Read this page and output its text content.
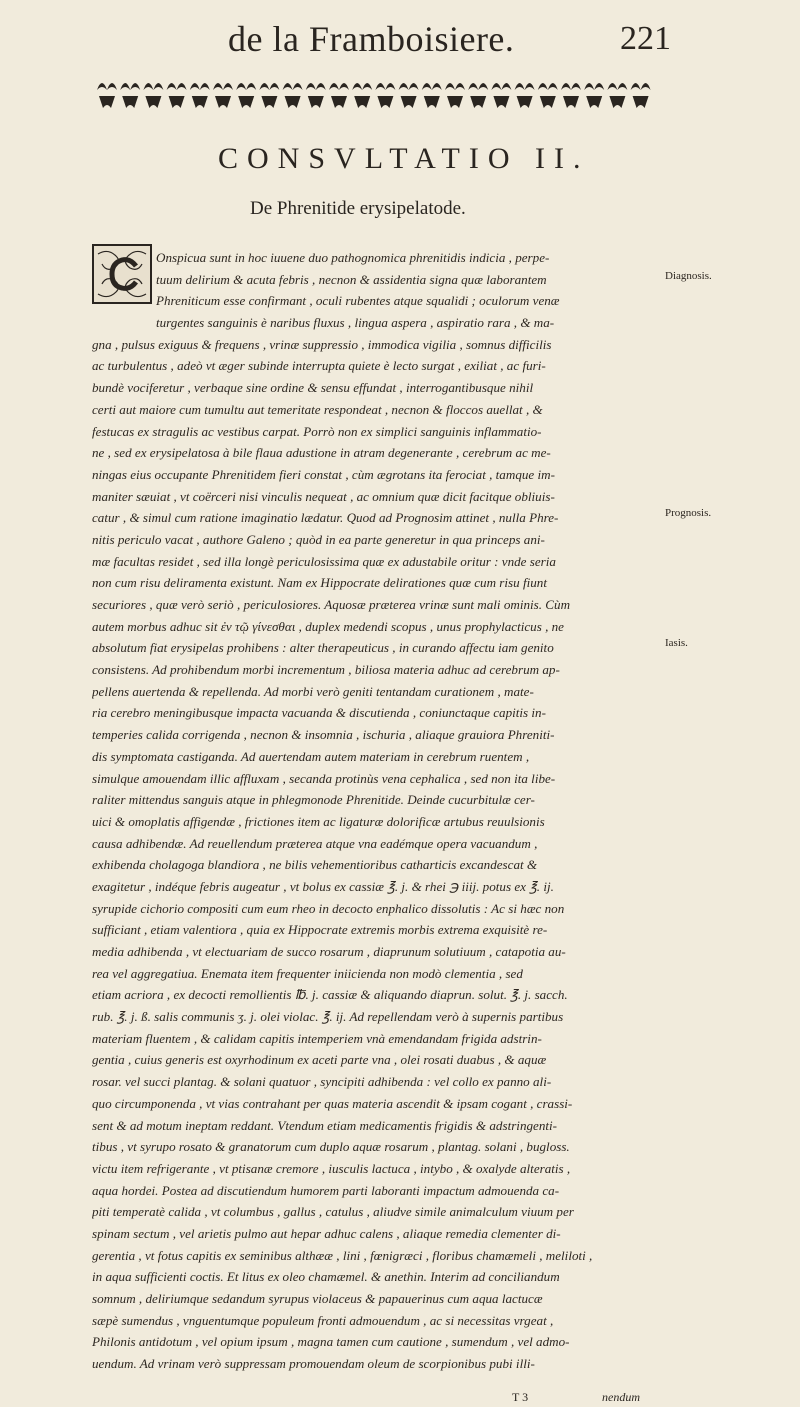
de la Framboisiere.	221
CONSVLTATIO II.
De Phrenitide erysipelatode.
Onspicua sunt in hoc iuuene duo pathognomica phrenitidis indicia , perpe-
tuum delirium & acuta febris , necnon & assidentia signa quæ laborantem
Phreniticum esse confirmant , oculi rubentes atque squalidi ; oculorum venæ
turgentes sanguinis è naribus fluxus , lingua aspera , aspiratio rara , & ma-
gna , pulsus exiguus & frequens , vrinæ suppressio , immodica vigilia , somnus difficilis
ac turbulentus , adeò vt æger subinde interrupta quiete è lecto surgat , exiliat , ac furi-
bundè vociferetur , verbaque sine ordine & sensu effundat , interrogantibusque nihil
certi aut maiore cum tumultu aut temeritate respondeat , necnon & floccos auellat , &
festucas ex stragulis ac vestibus carpat. Porrò non ex simplici sanguinis inflammatio-
ne , sed ex erysipelatosa à bile flaua adustione in atram degenerante , cerebrum ac me-
ningas eius occupante Phrenitidem fieri constat , cùm ægrotans ita ferociat , tamque im-
maniter sæuiat , vt coërceri nisi vinculis nequeat , ac omnium quæ dicit facitque obliuis-
catur , & simul cum ratione imaginatio lædatur. Quod ad Prognosim attinet , nulla Phre-
nitis periculo vacat , authore Galeno ; quòd in ea parte generetur in qua princeps ani-
mæ facultas residet , sed illa longè periculosissima quæ ex adustabile oritur : vnde seria
non cum risu deliramenta existunt. Nam ex Hippocrate delirationes quæ cum risu fiunt
securiores , quæ verò seriò , periculosiores. Aquosæ præterea vrinæ sunt mali ominis. Cùm
autem morbus adhuc sit ἐν τῷ γίνεσθαι , duplex medendi scopus , unus prophylacticus , ne
absolutum fiat erysipelas prohibens : alter therapeuticus , in curando affectu iam genito
consistens. Ad prohibendum morbi incrementum , biliosa materia adhuc ad cerebrum ap-
pellens auertenda & repellenda. Ad morbi verò geniti tentandam curationem , mate-
ria cerebro meningibusque impacta vacuanda & discutienda , coniunctaque capitis in-
temperies calida corrigenda , necnon & insomnia , ischuria , aliaque grauiora Phreniti-
dis symptomata castiganda. Ad auertendam autem materiam in cerebrum ruentem ,
simulque amouendam illic affluxam , secanda protinùs vena cephalica , sed non ita libe-
raliter mittendus sanguis atque in phlegmonode Phrenitide. Deinde cucurbitulæ cer-
uici & omoplatis affigendæ , frictiones item ac ligaturæ dolorificæ artubus reuulsionis
causa adhibendæ. Ad reuellendum præterea atque vna eadémque opera vacuandum ,
exhibenda cholagoga blandiora , ne bilis vehementioribus catharticis excandescat &
exagitetur , indéque febris augeatur , vt bolus ex cassiæ ℥. j. & rhei ℈ iiij. potus ex ℥. ij.
syrupide cichorio compositi cum eum rheo in decocto enphalico dissolutis : Ac si hæc non
sufficiant , etiam valentiora , quia ex Hippocrate extremis morbis extrema exquisitè re-
media adhibenda , vt electuariam de succo rosarum , diaprunum solutiuum , catapotia au-
rea vel aggregatiua. Enemata item frequenter iniicienda non modò clementia , sed
etiam acriora , ex decocti remollientis ℔. j. cassiæ & aliquando diaprun. solut. ℥. j. sacch.
rub. ℥. j. ß. salis communis ʒ. j. olei violac. ℥. ij. Ad repellendam verò à supernis partibus
materiam fluentem , & calidam capitis intemperiem vnà emendandam frigida adstrin-
gentia , cuius generis est oxyrhodinum ex aceti parte vna , olei rosati duabus , & aquæ
rosar. vel succi plantag. & solani quatuor , syncipiti adhibenda : vel collo ex panno ali-
quo circumponenda , vt vias contrahant per quas materia ascendit & ipsam cogant , crassi-
sent & ad motum ineptam reddant. Vtendum etiam medicamentis frigidis & adstringenti-
tibus , vt syrupo rosato & granatorum cum duplo aquæ rosarum , plantag. solani , bugloss.
victu item refrigerante , vt ptisanæ cremore , iusculis lactuca , intybo , & oxalyde alteratis ,
aqua hordei. Postea ad discutiendum humorem parti laboranti impactum admouenda ca-
piti temperatè calida , vt columbus , gallus , catulus , aliudve simile animalculum viuum per
spinam sectum , vel arietis pulmo aut hepar adhuc calens , aliaque remedia clementer di-
gerentia , vt fotus capitis ex seminibus althææ , lini , fœnigræci , floribus chamæmeli , meliloti ,
in aqua sufficienti coctis. Et litus ex oleo chamæmel. & anethin. Interim ad conciliandum
somnum , deliriumque sedandum syrupus violaceus & papauerinus cum aqua lactucæ
sæpè sumendus , vnguentumque populeum fronti admouendum , ac si necessitas vrgeat ,
Philonis antidotum , vel opium ipsum , magna tamen cum cautione , sumendum , vel admo-
uendum. Ad vrinam verò suppressam promouendam oleum de scorpionibus pubi illi-
Diagnosis.
Prognosis.
Iasis.
T 3	nendum
